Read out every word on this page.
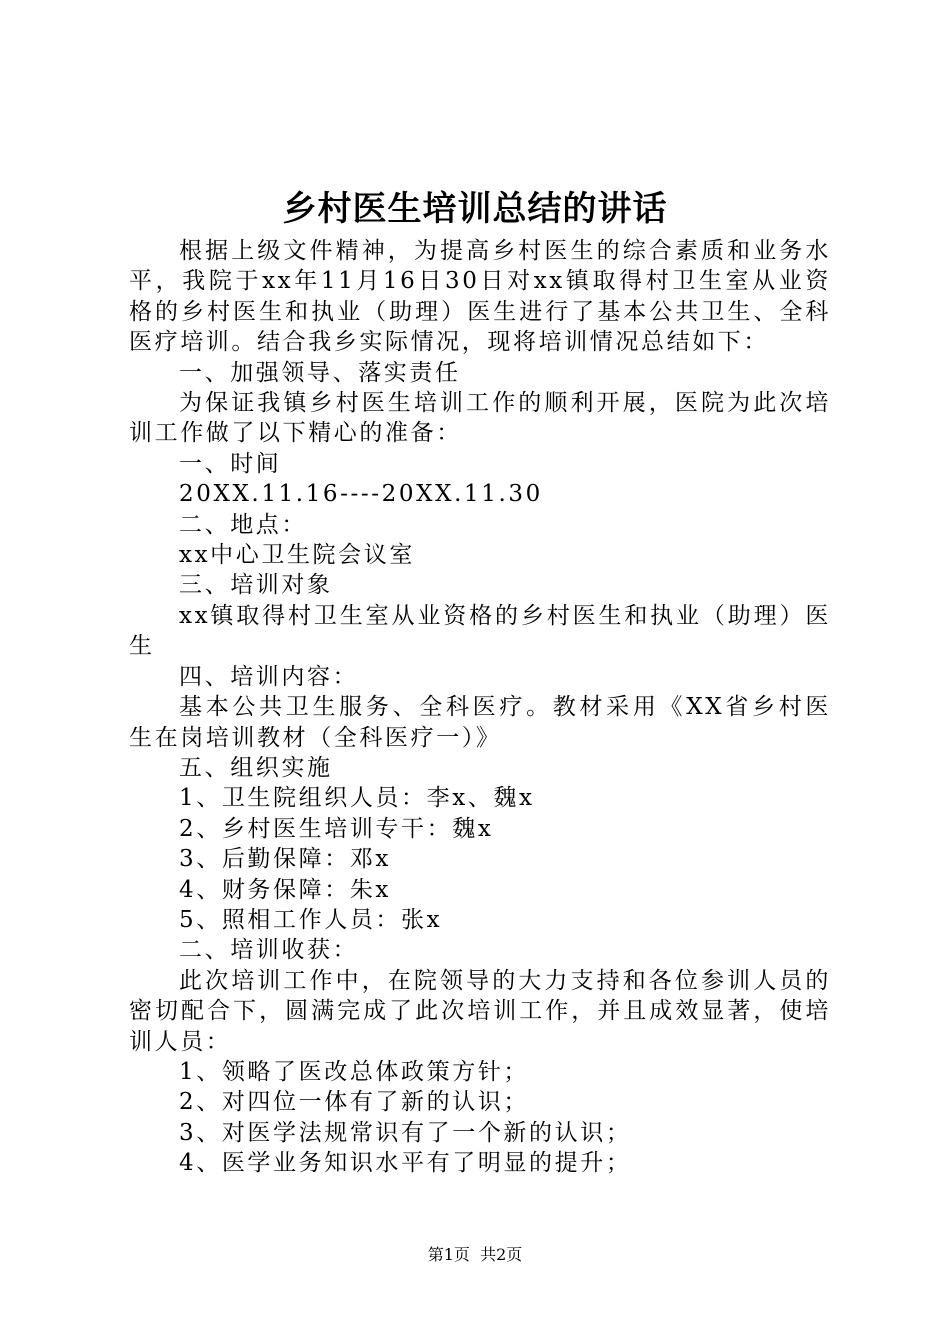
乡村医生培训总结的讲话

根据上级文件精神，为提高乡村医生的综合素质和业务水平，我院于xx年11月16日30日对xx镇取得村卫生室从业资格的乡村医生和执业（助理）医生进行了基本公共卫生、全科医疗培训。结合我乡实际情况，现将培训情况总结如下：

一、加强领导、落实责任

为保证我镇乡村医生培训工作的顺利开展，医院为此次培训工作做了以下精心的准备：

一、时间

20XX.11.16----20XX.11.30

二、地点：

xx中心卫生院会议室

三、培训对象

xx镇取得村卫生室从业资格的乡村医生和执业（助理）医生

四、培训内容：

基本公共卫生服务、全科医疗。教材采用《XX省乡村医生在岗培训教材（全科医疗一）》

五、组织实施

1、卫生院组织人员：李x、魏x

2、乡村医生培训专干：魏x

3、后勤保障：邓x

4、财务保障：朱x

5、照相工作人员：张x

二、培训收获：

此次培训工作中，在院领导的大力支持和各位参训人员的密切配合下，圆满完成了此次培训工作，并且成效显著，使培训人员：

1、领略了医改总体政策方针；

2、对四位一体有了新的认识；

3、对医学法规常识有了一个新的认识；

4、医学业务知识水平有了明显的提升；

第1页 共2页
